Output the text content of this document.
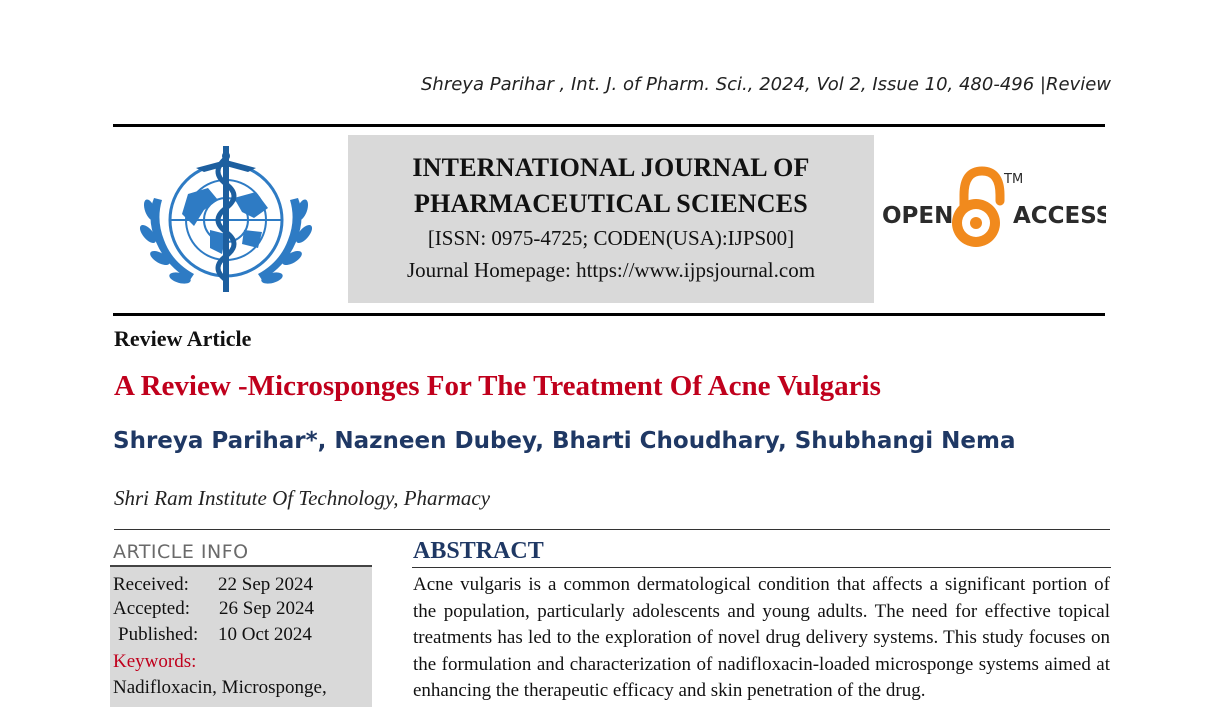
Shreya Parihar , Int. J. of Pharm. Sci., 2024, Vol 2, Issue 10, 480-496 |Review
INTERNATIONAL JOURNAL OF
PHARMACEUTICAL SCIENCES
[ISSN: 0975-4725; CODEN(USA):IJPS00]
Journal Homepage: https://www.ijpsjournal.com
OPEN	ACCESS
TM
Review Article
A Review -Microsponges For The Treatment Of Acne Vulgaris
Shreya Parihar*, Nazneen Dubey, Bharti Choudhary, Shubhangi Nema
Shri Ram Institute Of Technology, Pharmacy
ARTICLE INFO
Received: 22 Sep 2024
Accepted: 26 Sep 2024
Published: 10 Oct 2024
Keywords:
Nadifloxacin, Microsponge,
ABSTRACT
Acne vulgaris is a common dermatological condition that affects a significant portion of the population, particularly adolescents and young adults. The need for effective topical treatments has led to the exploration of novel drug delivery systems. This study focuses on the formulation and characterization of nadifloxacin-loaded microsponge systems aimed at enhancing the therapeutic efficacy and skin penetration of the drug.
